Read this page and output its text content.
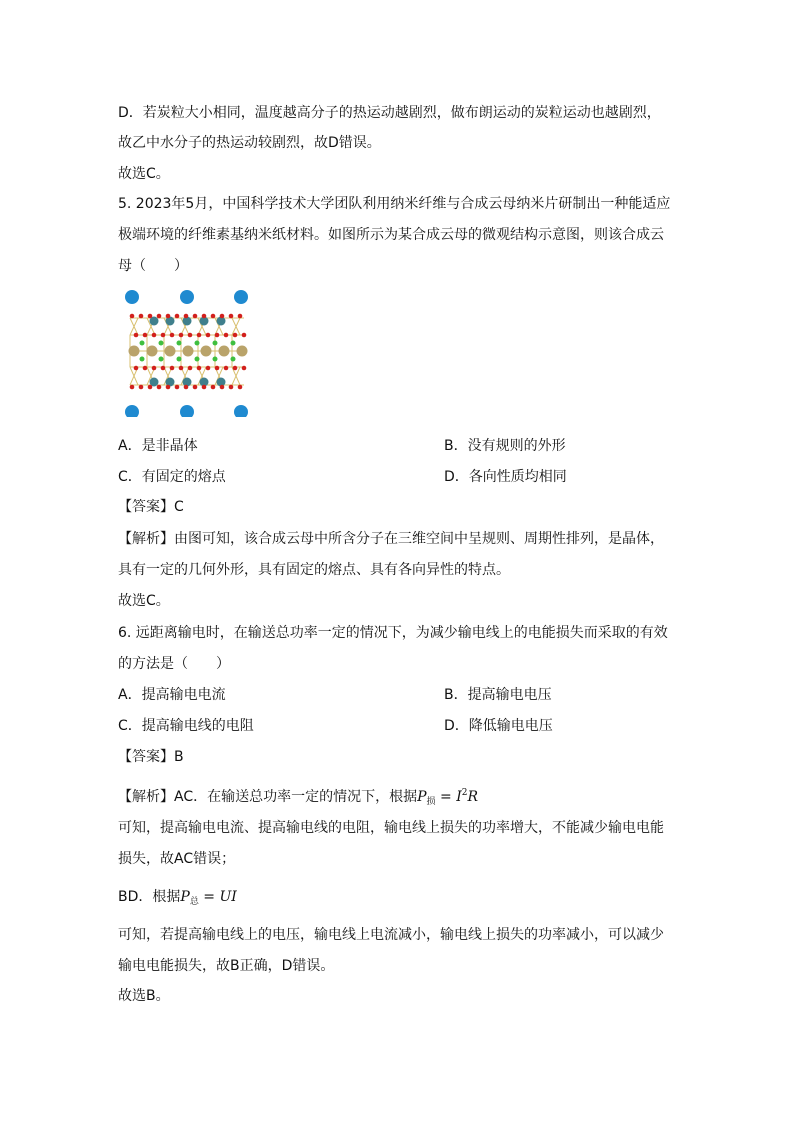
D．若炭粒大小相同，温度越高分子的热运动越剧烈，做布朗运动的炭粒运动也越剧烈，
故乙中水分子的热运动较剧烈，故D错误。
故选C。
5. 2023年5月，中国科学技术大学团队利用纳米纤维与合成云母纳米片研制出一种能适应
极端环境的纤维素基纳米纸材料。如图所示为某合成云母的微观结构示意图，则该合成云
母（　　）
A．是非晶体	B．没有规则的外形
C．有固定的熔点	D．各向性质均相同
【答案】C
【解析】由图可知，该合成云母中所含分子在三维空间中呈规则、周期性排列，是晶体，
具有一定的几何外形，具有固定的熔点、具有各向异性的特点。
故选C。
6. 远距离输电时，在输送总功率一定的情况下，为减少输电线上的电能损失而采取的有效
的方法是（　　）
A．提高输电电流	B．提高输电电压
C．提高输电线的电阻	D．降低输电电压
【答案】B
【解析】AC．在输送总功率一定的情况下，根据$P_损 = I^2R$
可知，提高输电电流、提高输电线的电阻，输电线上损失的功率增大，不能减少输电电能
损失，故AC错误；
BD．根据$P_总$ = UI
可知，若提高输电线上的电压，输电线上电流减小，输电线上损失的功率减小，可以减少
输电电能损失，故B正确，D错误。
故选B。
